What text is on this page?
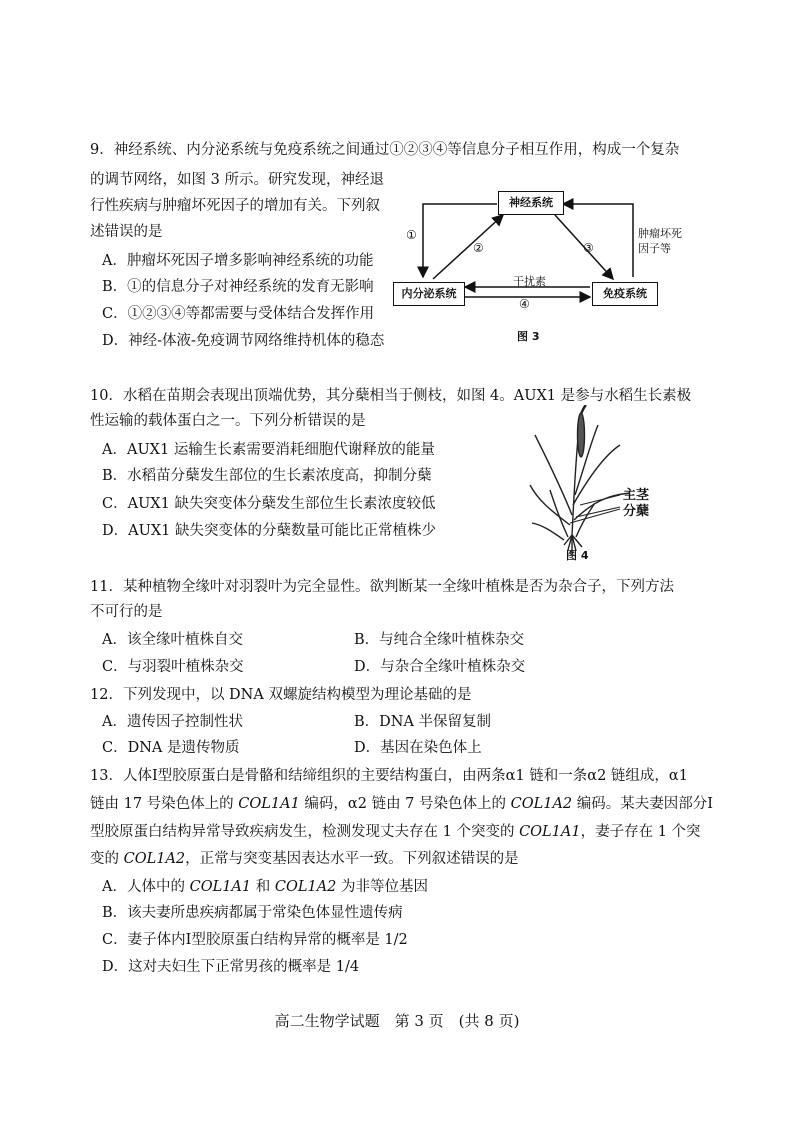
9．神经系统、内分泌系统与免疫系统之间通过①②③④等信息分子相互作用，构成一个复杂
的调节网络，如图 3 所示。研究发现，神经退
行性疾病与肿瘤坏死因子的增加有关。下列叙
述错误的是
A．肿瘤坏死因子增多影响神经系统的功能
B．①的信息分子对神经系统的发育无影响
C．①②③④等都需要与受体结合发挥作用
D．神经-体液-免疫调节网络维持机体的稳态
神经系统
内分泌系统	免疫系统
①
②	③
④
干扰素
肿瘤坏死
因子等
图 3
10．水稻在苗期会表现出顶端优势，其分蘖相当于侧枝，如图 4。AUX1 是参与水稻生长素极
性运输的载体蛋白之一。下列分析错误的是
A．AUX1 运输生长素需要消耗细胞代谢释放的能量
B．水稻苗分蘖发生部位的生长素浓度高，抑制分蘖
C．AUX1 缺失突变体分蘖发生部位生长素浓度较低
D．AUX1 缺失突变体的分蘖数量可能比正常植株少
主茎
分蘖
图 4
11．某种植物全缘叶对羽裂叶为完全显性。欲判断某一全缘叶植株是否为杂合子，下列方法
不可行的是
A．该全缘叶植株自交	B．与纯合全缘叶植株杂交
C．与羽裂叶植株杂交	D．与杂合全缘叶植株杂交
12．下列发现中，以 DNA 双螺旋结构模型为理论基础的是
A．遗传因子控制性状	B．DNA 半保留复制
C．DNA 是遗传物质	D．基因在染色体上
13．人体I型胶原蛋白是骨骼和结缔组织的主要结构蛋白，由两条α1 链和一条α2 链组成，α1
链由 17 号染色体上的 COL1A1 编码，α2 链由 7 号染色体上的 COL1A2 编码。某夫妻因部分I
型胶原蛋白结构异常导致疾病发生，检测发现丈夫存在 1 个突变的 COL1A1，妻子存在 1 个突
变的 COL1A2，正常与突变基因表达水平一致。下列叙述错误的是
A．人体中的 COL1A1 和 COL1A2 为非等位基因
B．该夫妻所患疾病都属于常染色体显性遗传病
C．妻子体内I型胶原蛋白结构异常的概率是 1/2
D．这对夫妇生下正常男孩的概率是 1/4
高二生物学试题　第 3 页　(共 8 页)
